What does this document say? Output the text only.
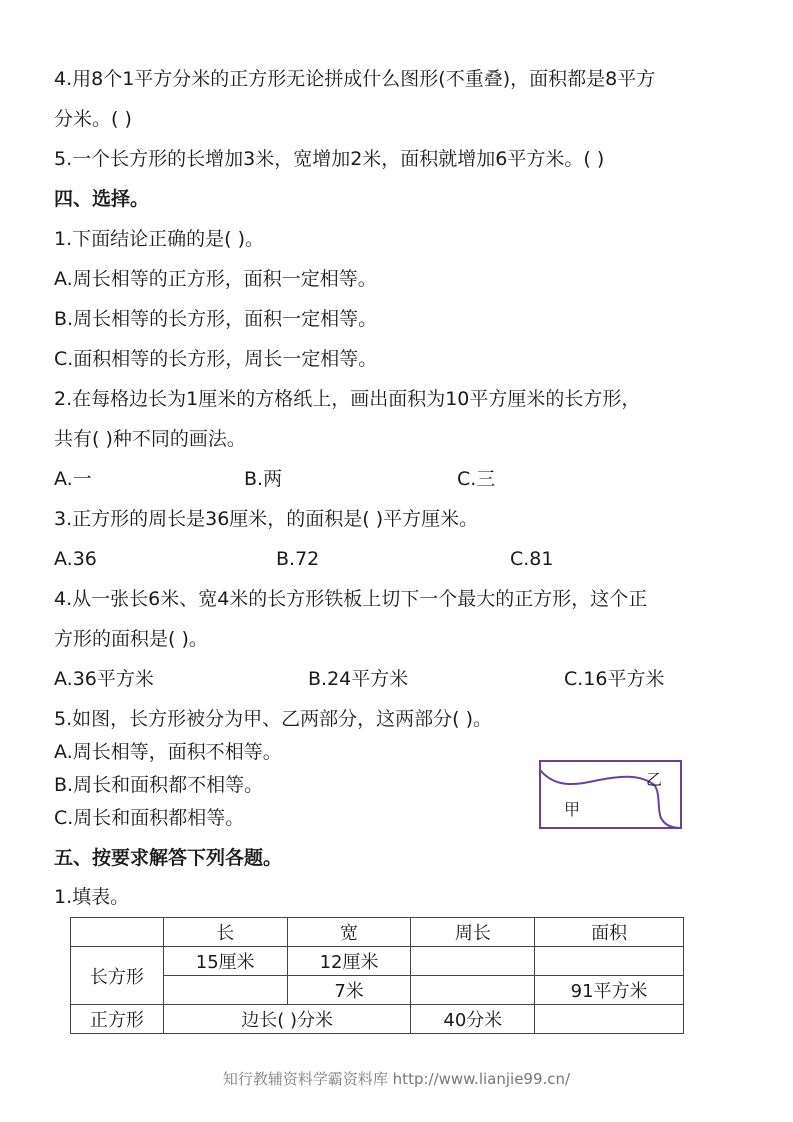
4.用8个1平方分米的正方形无论拼成什么图形(不重叠)，面积都是8平方
分米。( )
5.一个长方形的长增加3米，宽增加2米，面积就增加6平方米。( )
四、选择。
1.下面结论正确的是( )。
A.周长相等的正方形，面积一定相等。
B.周长相等的长方形，面积一定相等。
C.面积相等的长方形，周长一定相等。
2.在每格边长为1厘米的方格纸上，画出面积为10平方厘米的长方形，
共有( )种不同的画法。
A.一	B.两	C.三
3.正方形的周长是36厘米，的面积是( )平方厘米。
A.36	B.72	C.81
4.从一张长6米、宽4米的长方形铁板上切下一个最大的正方形，这个正
方形的面积是( )。
A.36平方米	B.24平方米	C.16平方米
5.如图，长方形被分为甲、乙两部分，这两部分( )。
A.周长相等，面积不相等。
B.周长和面积都不相等。
C.周长和面积都相等。
乙
甲
五、按要求解答下列各题。
1.填表。
	长	宽	周长	面积
长方形	15厘米	12厘米		
		7米		91平方米
正方形	边长( )分米		40分米	
知行教辅资料学霸资料库 http://www.lianjie99.cn/
